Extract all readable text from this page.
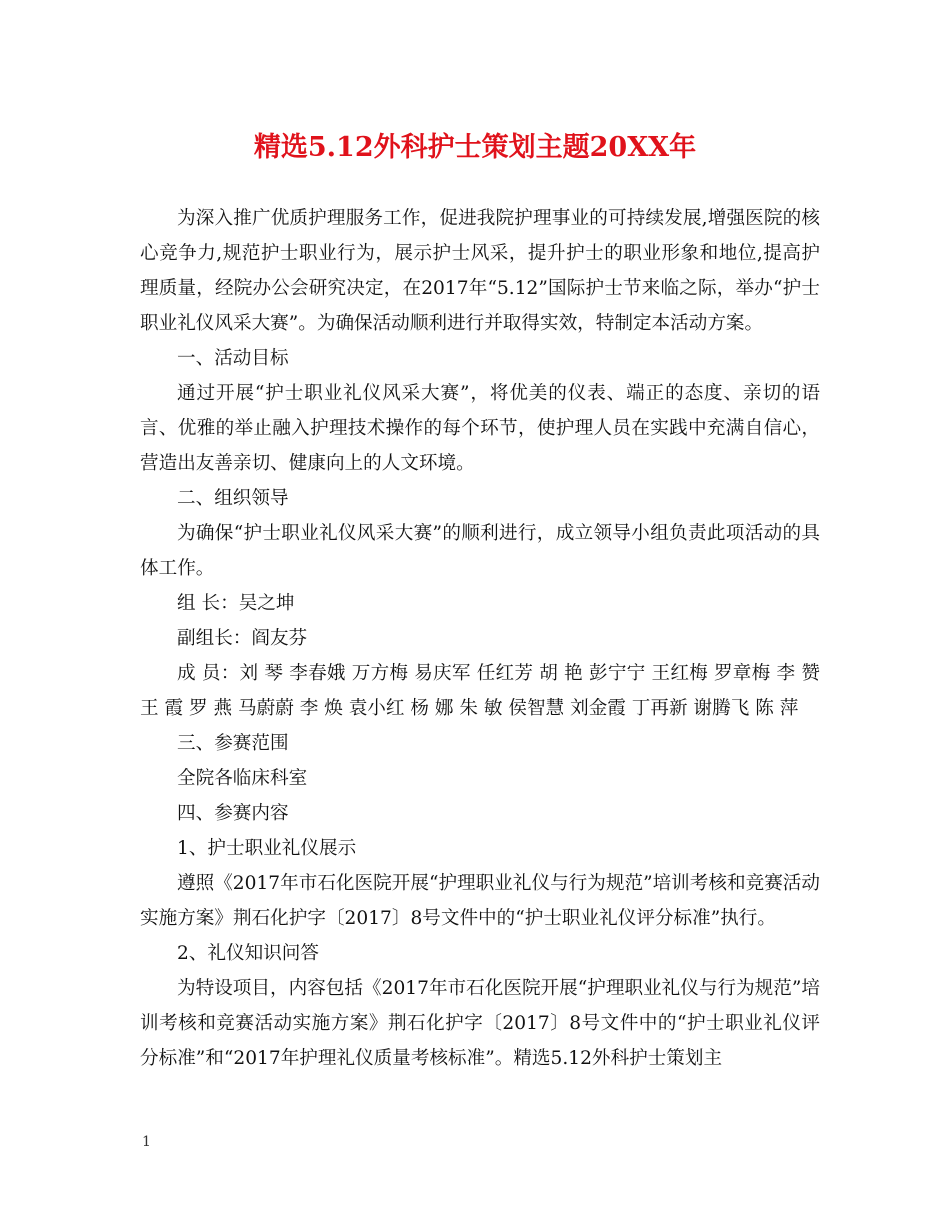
精选5.12外科护士策划主题20XX年

为深入推广优质护理服务工作，促进我院护理事业的可持续发展,增强医院的核心竞争力,规范护士职业行为，展示护士风采，提升护士的职业形象和地位,提高护理质量，经院办公会研究决定，在2017年“5.12”国际护士节来临之际，举办“护士职业礼仪风采大赛”。为确保活动顺利进行并取得实效，特制定本活动方案。

一、活动目标

通过开展“护士职业礼仪风采大赛”，将优美的仪表、端正的态度、亲切的语言、优雅的举止融入护理技术操作的每个环节，使护理人员在实践中充满自信心，营造出友善亲切、健康向上的人文环境。

二、组织领导

为确保“护士职业礼仪风采大赛”的顺利进行，成立领导小组负责此项活动的具体工作。

组 长：吴之坤

副组长：阎友芬

成 员：刘 琴 李春娥 万方梅 易庆军 任红芳 胡 艳 彭宁宁 王红梅 罗章梅 李 赞 王 霞 罗 燕 马蔚蔚 李 焕 袁小红 杨 娜 朱 敏 侯智慧 刘金霞 丁再新 谢腾飞 陈 萍

三、参赛范围

全院各临床科室

四、参赛内容

1、护士职业礼仪展示

遵照《2017年市石化医院开展“护理职业礼仪与行为规范”培训考核和竞赛活动实施方案》荆石化护字〔2017〕8号文件中的“护士职业礼仪评分标准”执行。

2、礼仪知识问答

为特设项目，内容包括《2017年市石化医院开展“护理职业礼仪与行为规范”培训考核和竞赛活动实施方案》荆石化护字〔2017〕8号文件中的“护士职业礼仪评分标准”和“2017年护理礼仪质量考核标准”。精选5.12外科护士策划主

1
